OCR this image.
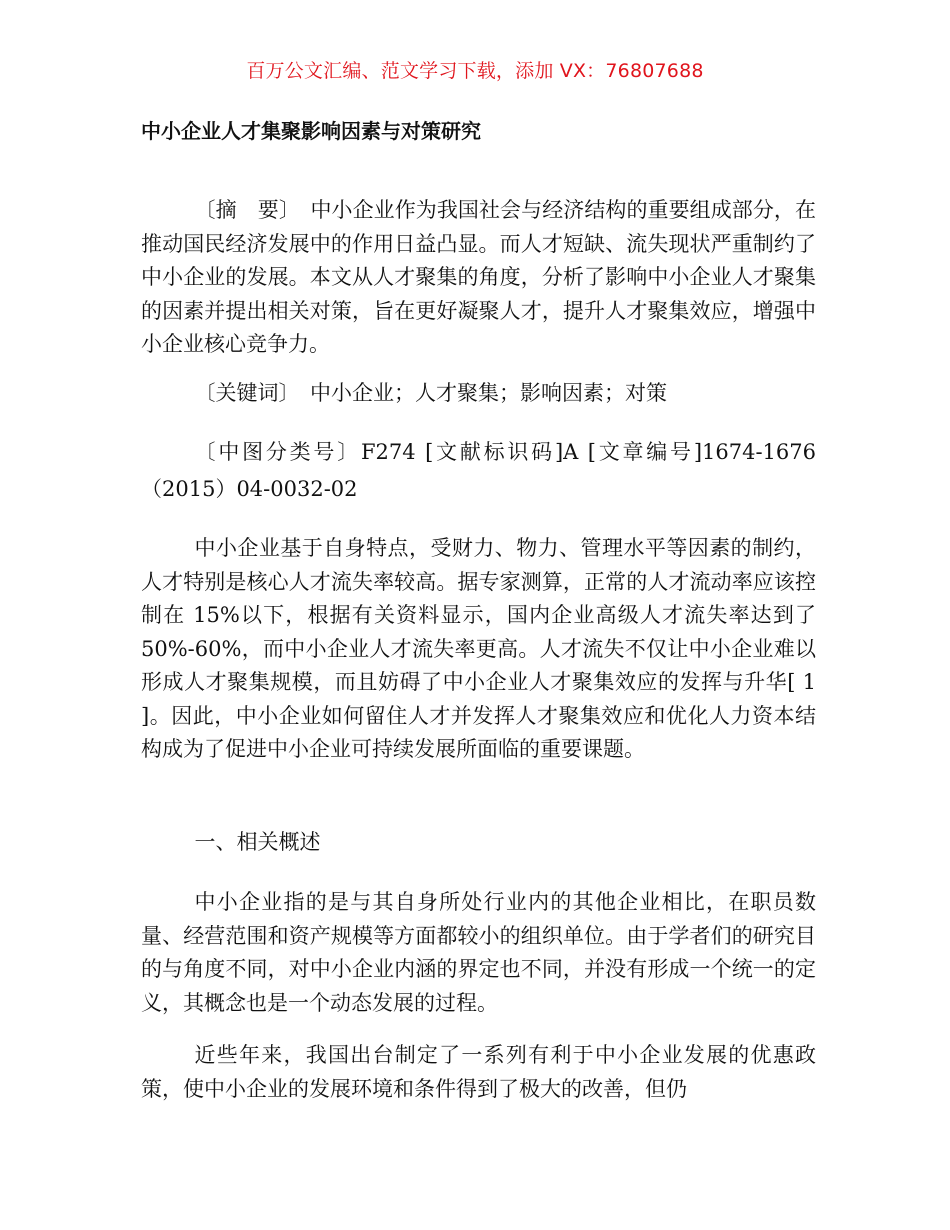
百万公文汇编、范文学习下载，添加 VX：76807688
中小企业人才集聚影响因素与对策研究

〔摘　要〕　中小企业作为我国社会与经济结构的重要组成部分，在推动国民经济发展中的作用日益凸显。而人才短缺、流失现状严重制约了中小企业的发展。本文从人才聚集的角度，分析了影响中小企业人才聚集的因素并提出相关对策，旨在更好凝聚人才，提升人才聚集效应，增强中小企业核心竞争力。

〔关键词〕　中小企业；人才聚集；影响因素；对策

〔中图分类号〕F274 [文献标识码]A [文章编号]1674-1676（2015）04-0032-02

中小企业基于自身特点，受财力、物力、管理水平等因素的制约，人才特别是核心人才流失率较高。据专家测算，正常的人才流动率应该控制在 15%以下，根据有关资料显示，国内企业高级人才流失率达到了 50%-60%，而中小企业人才流失率更高。人才流失不仅让中小企业难以形成人才聚集规模，而且妨碍了中小企业人才聚集效应的发挥与升华[ 1 ]。因此，中小企业如何留住人才并发挥人才聚集效应和优化人力资本结构成为了促进中小企业可持续发展所面临的重要课题。

一、相关概述

中小企业指的是与其自身所处行业内的其他企业相比，在职员数量、经营范围和资产规模等方面都较小的组织单位。由于学者们的研究目的与角度不同，对中小企业内涵的界定也不同，并没有形成一个统一的定义，其概念也是一个动态发展的过程。

近些年来，我国出台制定了一系列有利于中小企业发展的优惠政策，使中小企业的发展环境和条件得到了极大的改善，但仍
